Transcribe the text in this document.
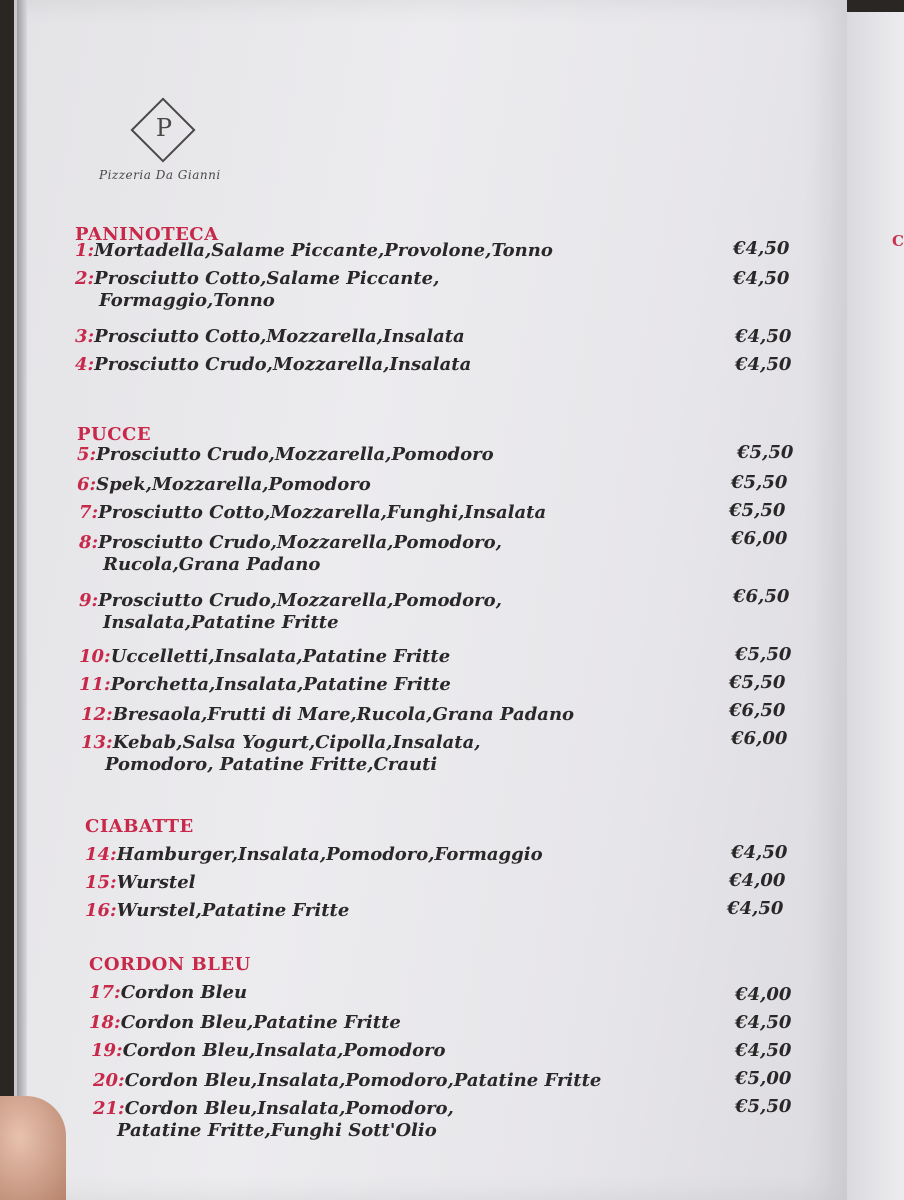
C
P
Pizzeria Da Gianni
PANINOTECA
1:Mortadella,Salame Piccante,Provolone,Tonno	€4,50
2:Prosciutto Cotto,Salame Piccante,
Formaggio,Tonno
€4,50
3:Prosciutto Cotto,Mozzarella,Insalata	€4,50
4:Prosciutto Crudo,Mozzarella,Insalata	€4,50
PUCCE
5:Prosciutto Crudo,Mozzarella,Pomodoro	€5,50
6:Spek,Mozzarella,Pomodoro	€5,50
7:Prosciutto Cotto,Mozzarella,Funghi,Insalata	€5,50
8:Prosciutto Crudo,Mozzarella,Pomodoro,
Rucola,Grana Padano
€6,00
9:Prosciutto Crudo,Mozzarella,Pomodoro,
Insalata,Patatine Fritte
€6,50
10:Uccelletti,Insalata,Patatine Fritte	€5,50
11:Porchetta,Insalata,Patatine Fritte	€5,50
12:Bresaola,Frutti di Mare,Rucola,Grana Padano	€6,50
13:Kebab,Salsa Yogurt,Cipolla,Insalata,
Pomodoro, Patatine Fritte,Crauti
€6,00
CIABATTE
14:Hamburger,Insalata,Pomodoro,Formaggio	€4,50
15:Wurstel	€4,00
16:Wurstel,Patatine Fritte	€4,50
CORDON BLEU
17:Cordon Bleu	€4,00
18:Cordon Bleu,Patatine Fritte	€4,50
19:Cordon Bleu,Insalata,Pomodoro	€4,50
20:Cordon Bleu,Insalata,Pomodoro,Patatine Fritte	€5,00
21:Cordon Bleu,Insalata,Pomodoro,
Patatine Fritte,Funghi Sott'Olio
€5,50
